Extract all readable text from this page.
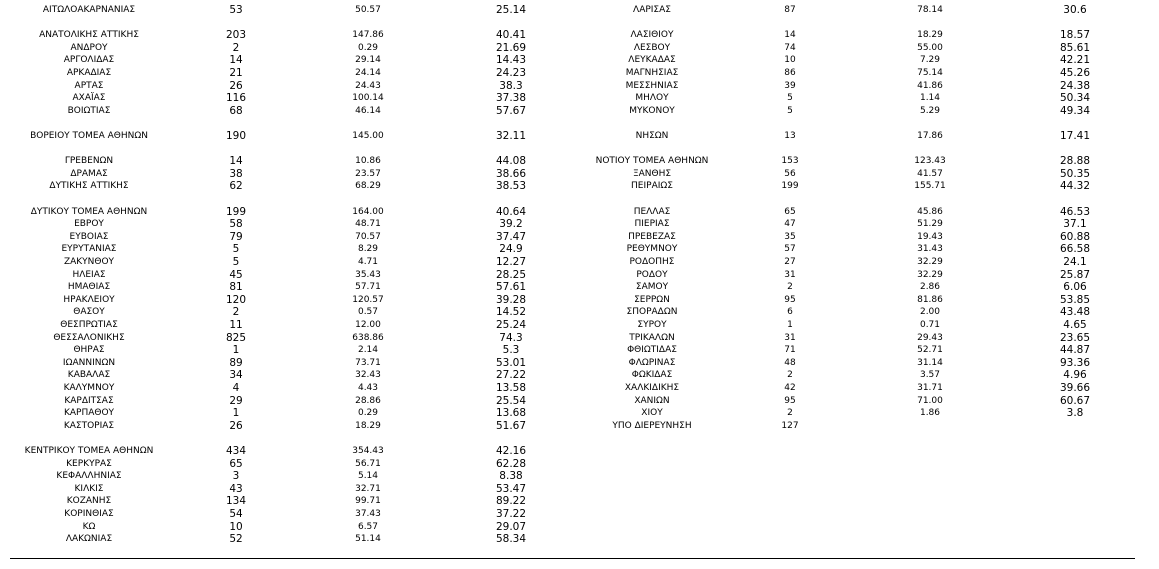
ΑΙΤΩΛΟΑΚΑΡΝΑΝΙΑΣ	53	50.57	25.14
ΑΝΑΤΟΛΙΚΗΣ ΑΤΤΙΚΗΣ	203	147.86	40.41
ΑΝΔΡΟΥ	2	0.29	21.69
ΑΡΓΟΛΙΔΑΣ	14	29.14	14.43
ΑΡΚΑΔΙΑΣ	21	24.14	24.23
ΑΡΤΑΣ	26	24.43	38.3
ΑΧΑΪΑΣ	116	100.14	37.38
ΒΟΙΩΤΙΑΣ	68	46.14	57.67
ΒΟΡΕΙΟΥ ΤΟΜΕΑ ΑΘΗΝΩΝ	190	145.00	32.11
ΓΡΕΒΕΝΩΝ	14	10.86	44.08
ΔΡΑΜΑΣ	38	23.57	38.66
ΔΥΤΙΚΗΣ ΑΤΤΙΚΗΣ	62	68.29	38.53
ΔΥΤΙΚΟΥ ΤΟΜΕΑ ΑΘΗΝΩΝ	199	164.00	40.64
ΕΒΡΟΥ	58	48.71	39.2
ΕΥΒΟΙΑΣ	79	70.57	37.47
ΕΥΡΥΤΑΝΙΑΣ	5	8.29	24.9
ΖΑΚΥΝΘΟΥ	5	4.71	12.27
ΗΛΕΙΑΣ	45	35.43	28.25
ΗΜΑΘΙΑΣ	81	57.71	57.61
ΗΡΑΚΛΕΙΟΥ	120	120.57	39.28
ΘΑΣΟΥ	2	0.57	14.52
ΘΕΣΠΡΩΤΙΑΣ	11	12.00	25.24
ΘΕΣΣΑΛΟΝΙΚΗΣ	825	638.86	74.3
ΘΗΡΑΣ	1	2.14	5.3
ΙΩΑΝΝΙΝΩΝ	89	73.71	53.01
ΚΑΒΑΛΑΣ	34	32.43	27.22
ΚΑΛΥΜΝΟΥ	4	4.43	13.58
ΚΑΡΔΙΤΣΑΣ	29	28.86	25.54
ΚΑΡΠΑΘΟΥ	1	0.29	13.68
ΚΑΣΤΟΡΙΑΣ	26	18.29	51.67
ΚΕΝΤΡΙΚΟΥ ΤΟΜΕΑ ΑΘΗΝΩΝ	434	354.43	42.16
ΚΕΡΚΥΡΑΣ	65	56.71	62.28
ΚΕΦΑΛΛΗΝΙΑΣ	3	5.14	8.38
ΚΙΛΚΙΣ	43	32.71	53.47
ΚΟΖΑΝΗΣ	134	99.71	89.22
ΚΟΡΙΝΘΙΑΣ	54	37.43	37.22
ΚΩ	10	6.57	29.07
ΛΑΚΩΝΙΑΣ	52	51.14	58.34
ΛΑΡΙΣΑΣ	87	78.14	30.6
ΛΑΣΙΘΙΟΥ	14	18.29	18.57
ΛΕΣΒΟΥ	74	55.00	85.61
ΛΕΥΚΑΔΑΣ	10	7.29	42.21
ΜΑΓΝΗΣΙΑΣ	86	75.14	45.26
ΜΕΣΣΗΝΙΑΣ	39	41.86	24.38
ΜΗΛΟΥ	5	1.14	50.34
ΜΥΚΟΝΟΥ	5	5.29	49.34
ΝΗΣΩΝ	13	17.86	17.41
ΝΟΤΙΟΥ ΤΟΜΕΑ ΑΘΗΝΩΝ	153	123.43	28.88
ΞΑΝΘΗΣ	56	41.57	50.35
ΠΕΙΡΑΙΩΣ	199	155.71	44.32
ΠΕΛΛΑΣ	65	45.86	46.53
ΠΙΕΡΙΑΣ	47	51.29	37.1
ΠΡΕΒΕΖΑΣ	35	19.43	60.88
ΡΕΘΥΜΝΟΥ	57	31.43	66.58
ΡΟΔΟΠΗΣ	27	32.29	24.1
ΡΟΔΟΥ	31	32.29	25.87
ΣΑΜΟΥ	2	2.86	6.06
ΣΕΡΡΩΝ	95	81.86	53.85
ΣΠΟΡΑΔΩΝ	6	2.00	43.48
ΣΥΡΟΥ	1	0.71	4.65
ΤΡΙΚΑΛΩΝ	31	29.43	23.65
ΦΘΙΩΤΙΔΑΣ	71	52.71	44.87
ΦΛΩΡΙΝΑΣ	48	31.14	93.36
ΦΩΚΙΔΑΣ	2	3.57	4.96
ΧΑΛΚΙΔΙΚΗΣ	42	31.71	39.66
ΧΑΝΙΩΝ	95	71.00	60.67
ΧΙΟΥ	2	1.86	3.8
ΥΠΟ ΔΙΕΡΕΥΝΗΣΗ	127
